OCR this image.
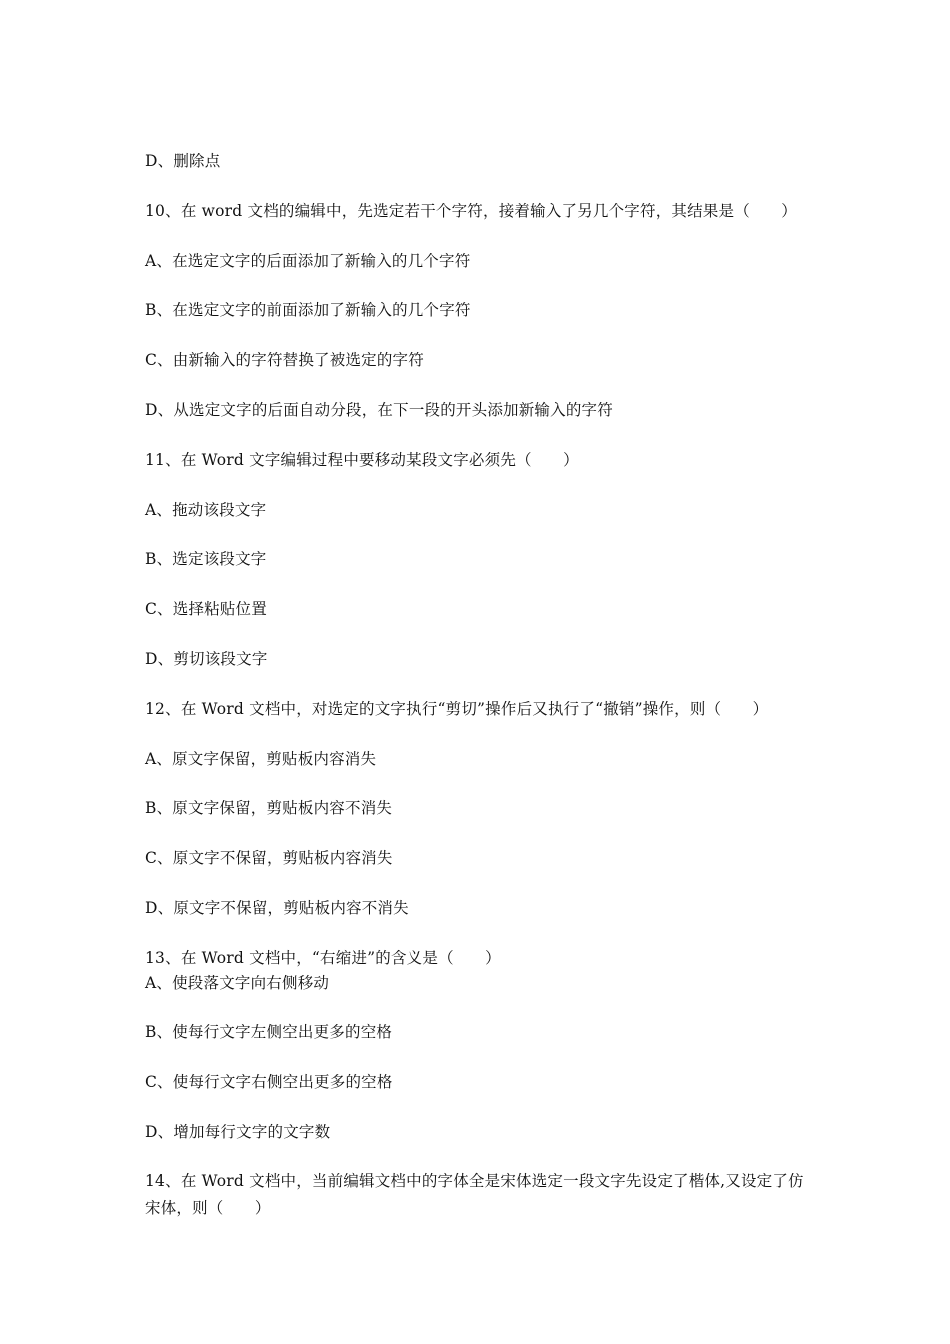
D、删除点
10、在 word 文档的编辑中，先选定若干个字符，接着输入了另几个字符，其结果是（　　）
A、在选定文字的后面添加了新输入的几个字符
B、在选定文字的前面添加了新输入的几个字符
C、由新输入的字符替换了被选定的字符
D、从选定文字的后面自动分段，在下一段的开头添加新输入的字符
11、在 Word 文字编辑过程中要移动某段文字必须先（　　）
A、拖动该段文字
B、选定该段文字
C、选择粘贴位置
D、剪切该段文字
12、在 Word 文档中，对选定的文字执行“剪切”操作后又执行了“撤销”操作，则（　　）
A、原文字保留，剪贴板内容消失
B、原文字保留，剪贴板内容不消失
C、原文字不保留，剪贴板内容消失
D、原文字不保留，剪贴板内容不消失
13、在 Word 文档中，“右缩进”的含义是（　　）
A、使段落文字向右侧移动
B、使每行文字左侧空出更多的空格
C、使每行文字右侧空出更多的空格
D、增加每行文字的文字数
14、在 Word 文档中，当前编辑文档中的字体全是宋体选定一段文字先设定了楷体,又设定了仿宋体，则（　　）
